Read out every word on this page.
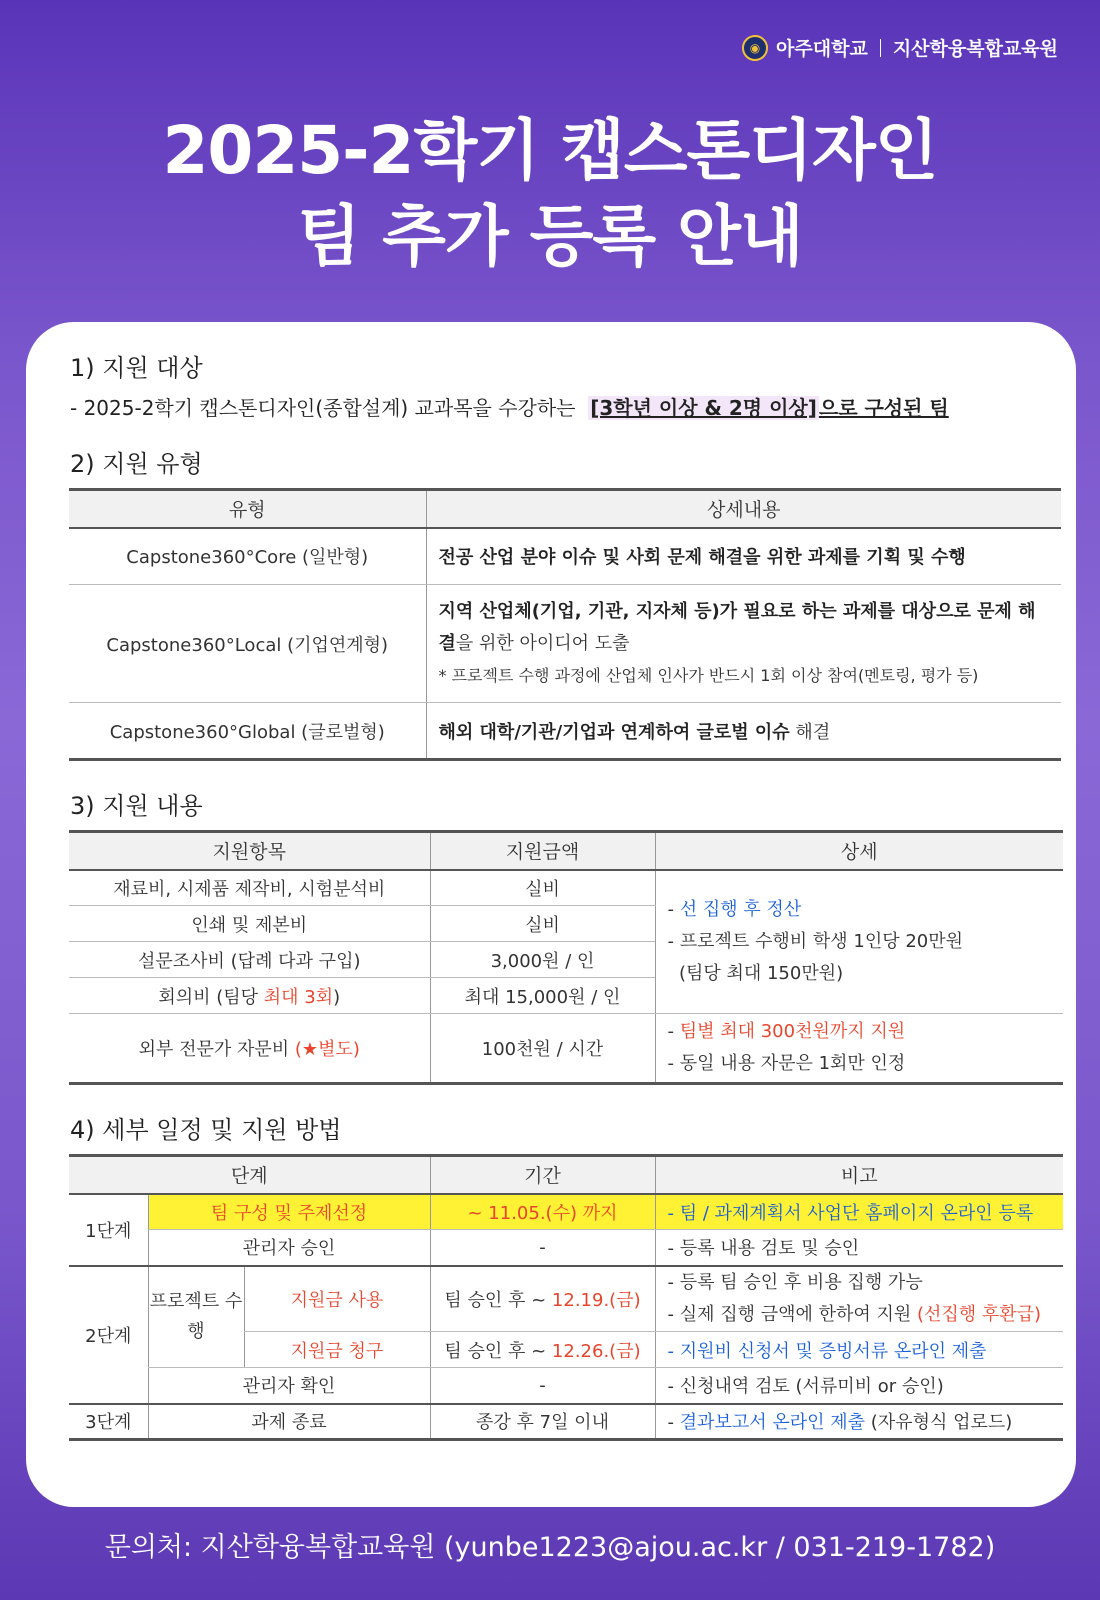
◉ 아주대학교 지산학융복합교육원
2025-2학기 캡스톤디자인
팀 추가 등록 안내
1) 지원 대상
- 2025-2학기 캡스톤디자인(종합설계) 교과목을 수강하는 [3학년 이상 & 2명 이상] 으로 구성된 팀
2) 지원 유형
유형	상세내용
Capstone360°Core (일반형)	전공 산업 분야 이슈 및 사회 문제 해결을 위한 과제를 기획 및 수행
Capstone360°Local (기업연계형)	지역 산업체(기업, 기관, 지자체 등)가 필요로 하는 과제를 대상으로 문제 해결을 위한 아이디어 도출
* 프로젝트 수행 과정에 산업체 인사가 반드시 1회 이상 참여(멘토링, 평가 등)
Capstone360°Global (글로벌형)	해외 대학/기관/기업과 연계하여 글로벌 이슈 해결
3) 지원 내용
지원항목	지원금액	상세
재료비, 시제품 제작비, 시험분석비	실비	- 선 집행 후 정산
- 프로젝트 수행비 학생 1인당 20만원
(팀당 최대 150만원)
인쇄 및 제본비	실비	
설문조사비 (답례 다과 구입)	3,000원 / 인	
회의비 (팀당 최대 3회)	최대 15,000원 / 인	
외부 전문가 자문비 (★별도)	100천원 / 시간	- 팀별 최대 300천원까지 지원
- 동일 내용 자문은 1회만 인정
4) 세부 일정 및 지원 방법
단계			기간	비고
1단계	팀 구성 및 주제선정		~ 11.05.(수) 까지	- 팀 / 과제계획서 사업단 홈페이지 온라인 등록
	관리자 승인		-	- 등록 내용 검토 및 승인
2단계	프로젝트 수행	지원금 사용	팀 승인 후 ~ 12.19.(금)	- 등록 팀 승인 후 비용 집행 가능
- 실제 집행 금액에 한하여 지원 (선집행 후환급)
		지원금 청구	팀 승인 후 ~ 12.26.(금)	- 지원비 신청서 및 증빙서류 온라인 제출
	관리자 확인		-	- 신청내역 검토 (서류미비 or 승인)
3단계	과제 종료		종강 후 7일 이내	- 결과보고서 온라인 제출 (자유형식 업로드)
문의처: 지산학융복합교육원 (yunbe1223@ajou.ac.kr / 031-219-1782)
